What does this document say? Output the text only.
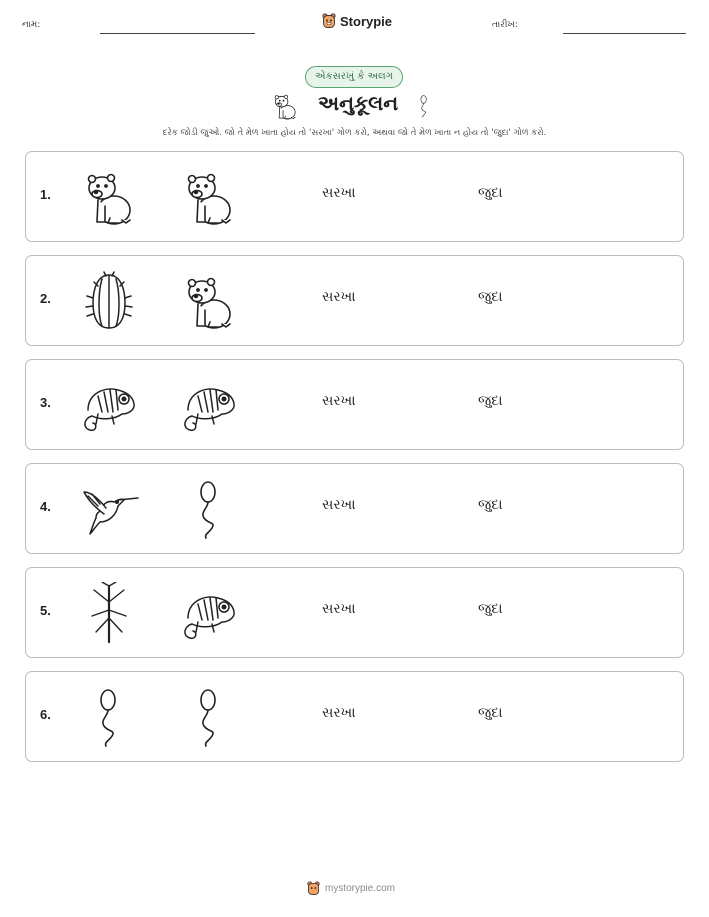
નામ:	Storypie	તારીખ:
એકસરખું કે અલગ
અનુકૂલન
દરેક જોડી જુઓ. જો તે મેળ ખાતા હોય તો 'સરખા' ગોળ કરો, અથવા જો તે મેળ ખાતા ન હોય તો 'જુદા' ગોળ કરો.
1.	સરખા	જુદા
2.	સરખા	જુદા
3.	સરખા	જુદા
4.	સરખા	જુદા
5.	સરખા	જુદા
6.	સરખા	જુદા
mystorypie.com
